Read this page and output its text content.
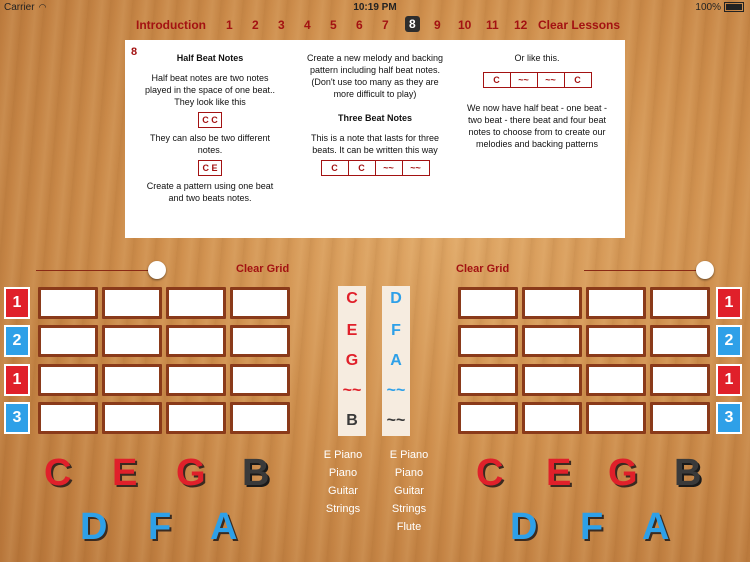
Carrier ◠	10:19 PM	100%
Introduction 1 2 3 4 5 6 7	8	9 10 11 12 Clear Lessons
8	Half Beat Notes
Half beat notes are two notes played in the space of one beat.. They look like this
C C
They can also be two different notes.
C E
Create a pattern using one beat and two beats notes.
Create a new melody and backing pattern including half beat notes. (Don't use too many as they are more difficult to play)
Three Beat Notes
This is a note that lasts for three beats. It can be written this way
C	C	~~	~~
Or like this.
C	~~	~~	C
We now have half beat - one beat - two beat - there beat and four beat notes to choose from to create our melodies and backing patterns
Clear Grid	Clear Grid
1
2
1
3
1
2
1
3
C
E
G
~~
B
D
F
A
~~
~~
E Piano
Piano
Guitar
Strings
E Piano
Piano
Guitar
Strings
Flute
C E G B
D F A
C E G B
D F A
